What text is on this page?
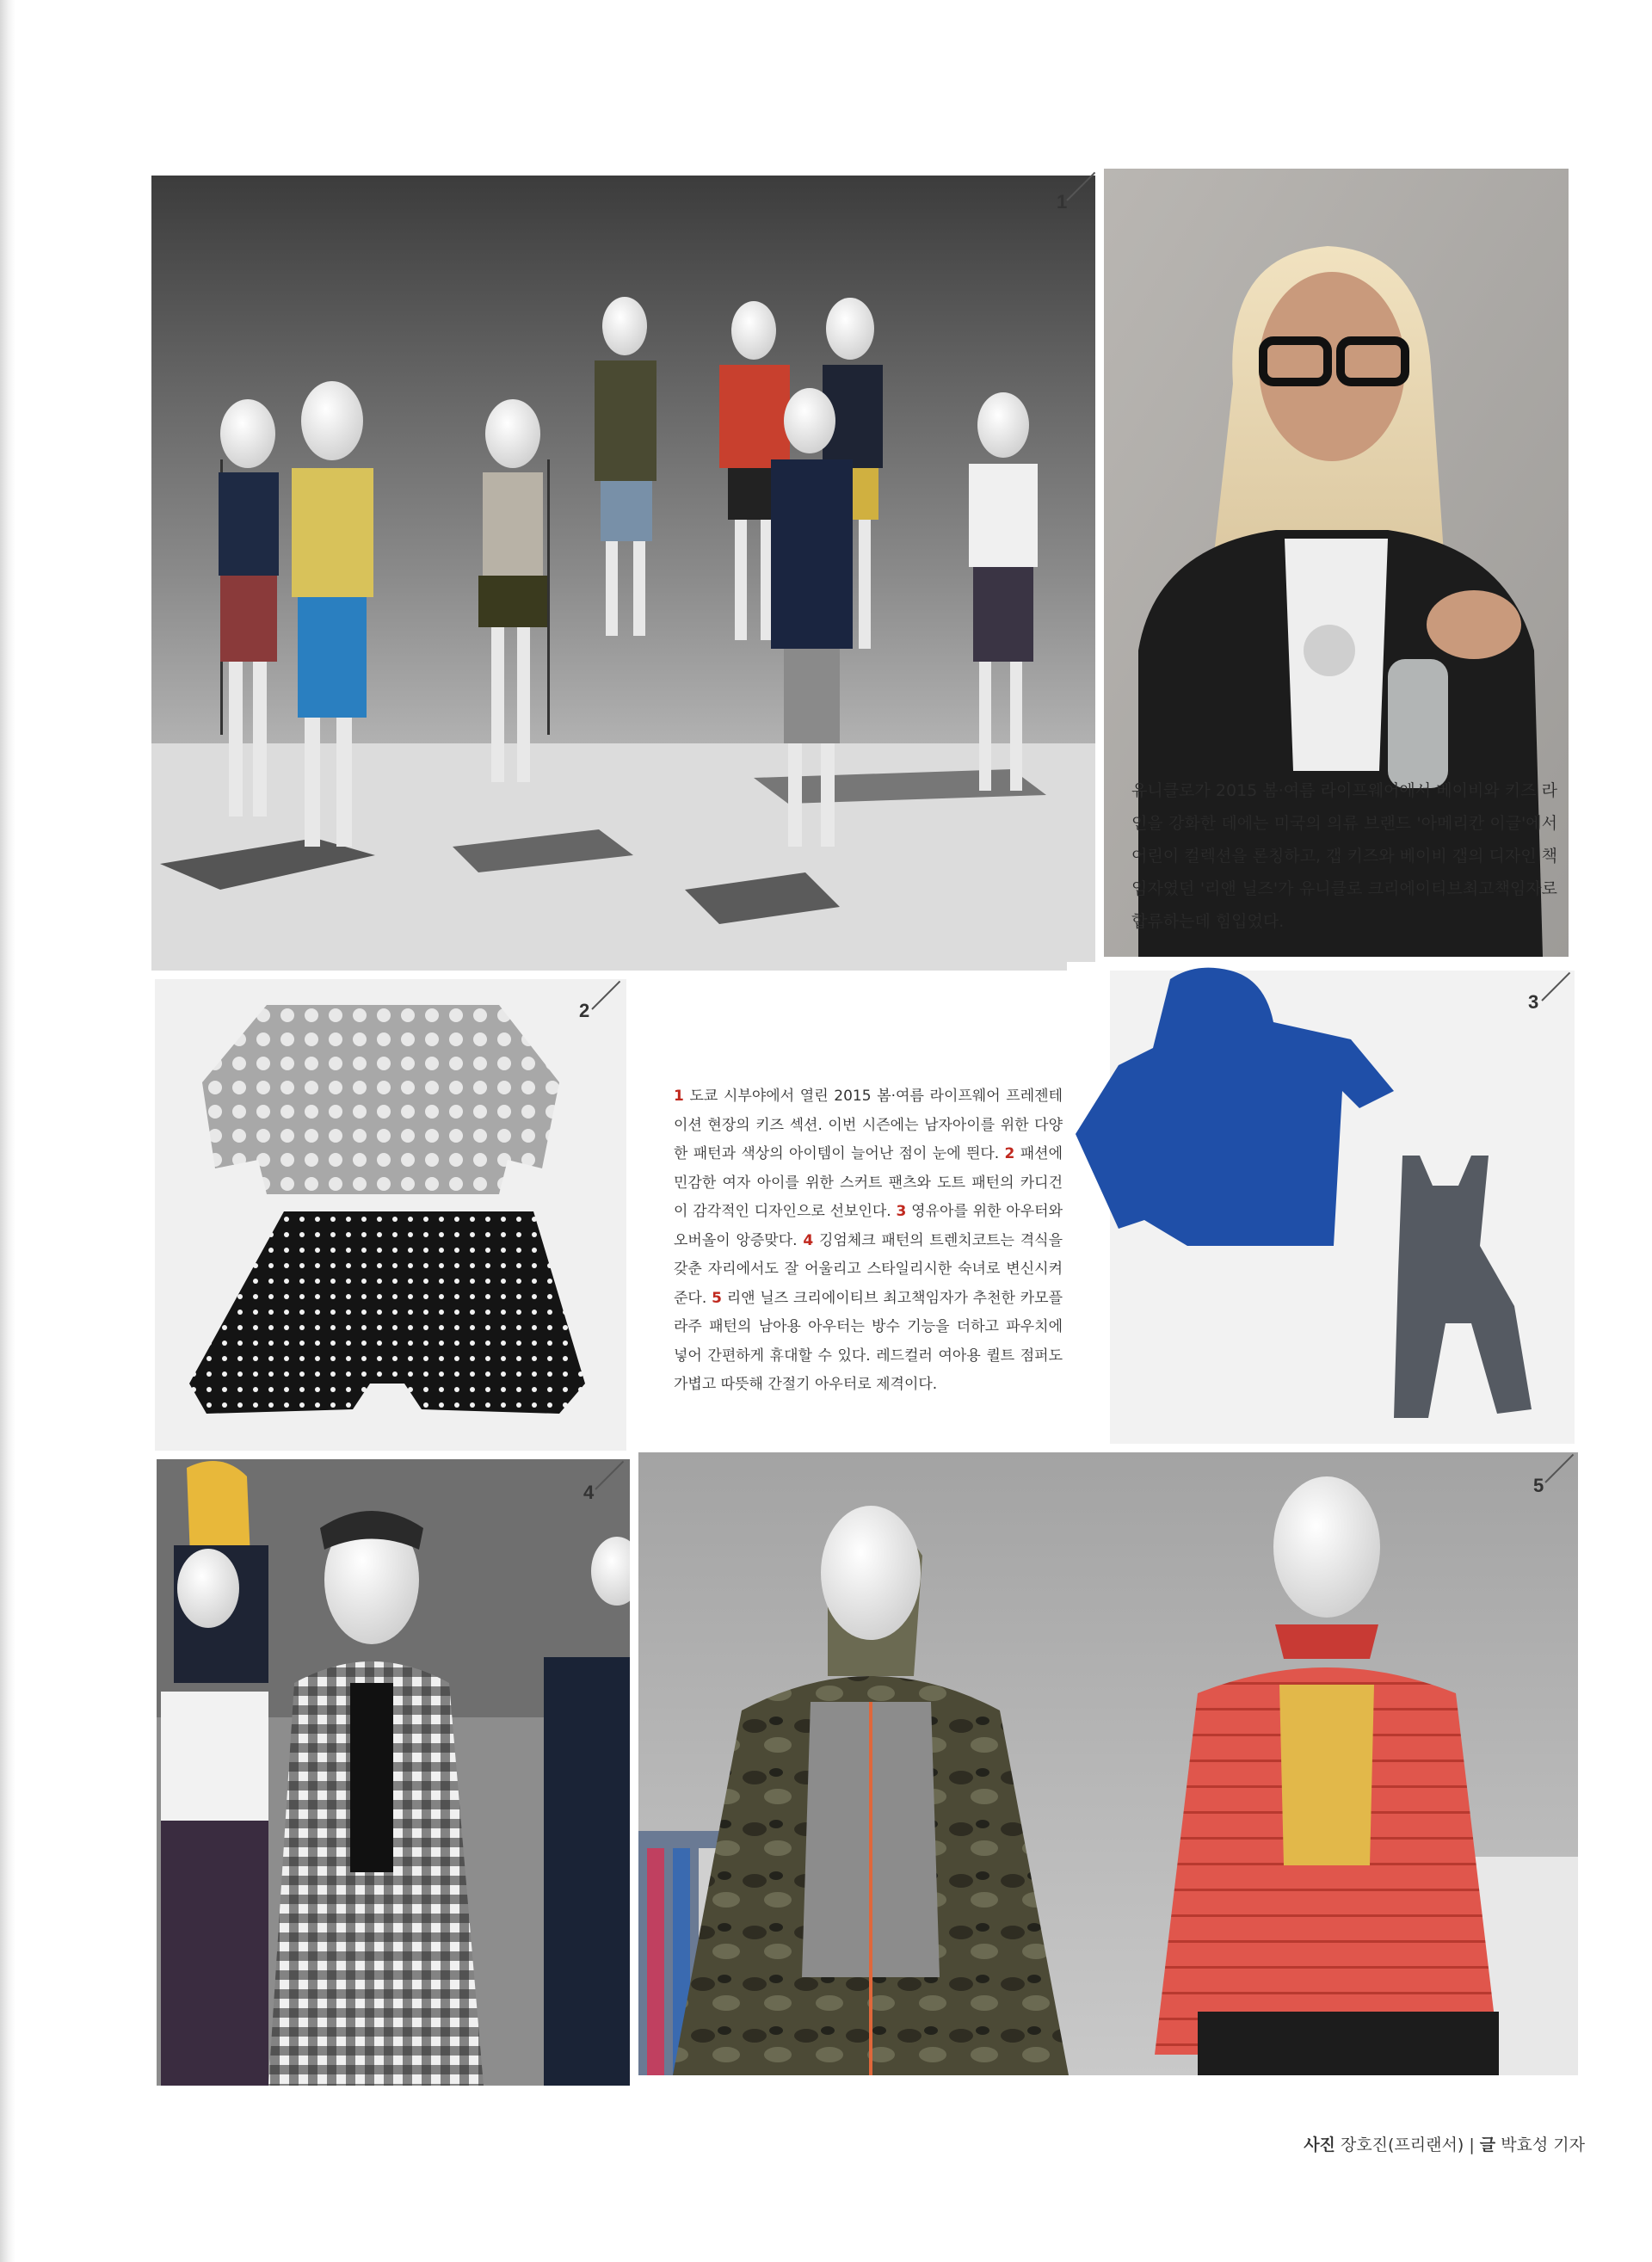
1
유니클로가 2015 봄·여름 라이프웨어에서 베이비와 키즈 라인을 강화한 데에는 미국의 의류 브랜드 '아메리칸 이글'에서 어린이 컬렉션을 론칭하고, 갭 키즈와 베이비 갭의 디자인 책임자였던 '리앤 닐즈'가 유니클로 크리에이티브최고책임자로 합류하는데 힘입었다.
2
1 도쿄 시부야에서 열린 2015 봄·여름 라이프웨어 프레젠테이션 현장의 키즈 섹션. 이번 시즌에는 남자아이를 위한 다양한 패턴과 색상의 아이템이 늘어난 점이 눈에 띈다. 2 패션에 민감한 여자 아이를 위한 스커트 팬츠와 도트 패턴의 카디건이 감각적인 디자인으로 선보인다. 3 영유아를 위한 아우터와 오버올이 앙증맞다. 4 깅엄체크 패턴의 트렌치코트는 격식을 갖춘 자리에서도 잘 어울리고 스타일리시한 숙녀로 변신시켜준다. 5 리앤 닐즈 크리에이티브 최고책임자가 추천한 카모플라주 패턴의 남아용 아우터는 방수 기능을 더하고 파우치에 넣어 간편하게 휴대할 수 있다. 레드컬러 여아용 퀼트 점퍼도 가볍고 따뜻해 간절기 아우터로 제격이다.
3
4	5
사진 장호진(프리랜서) | 글 박효성 기자
